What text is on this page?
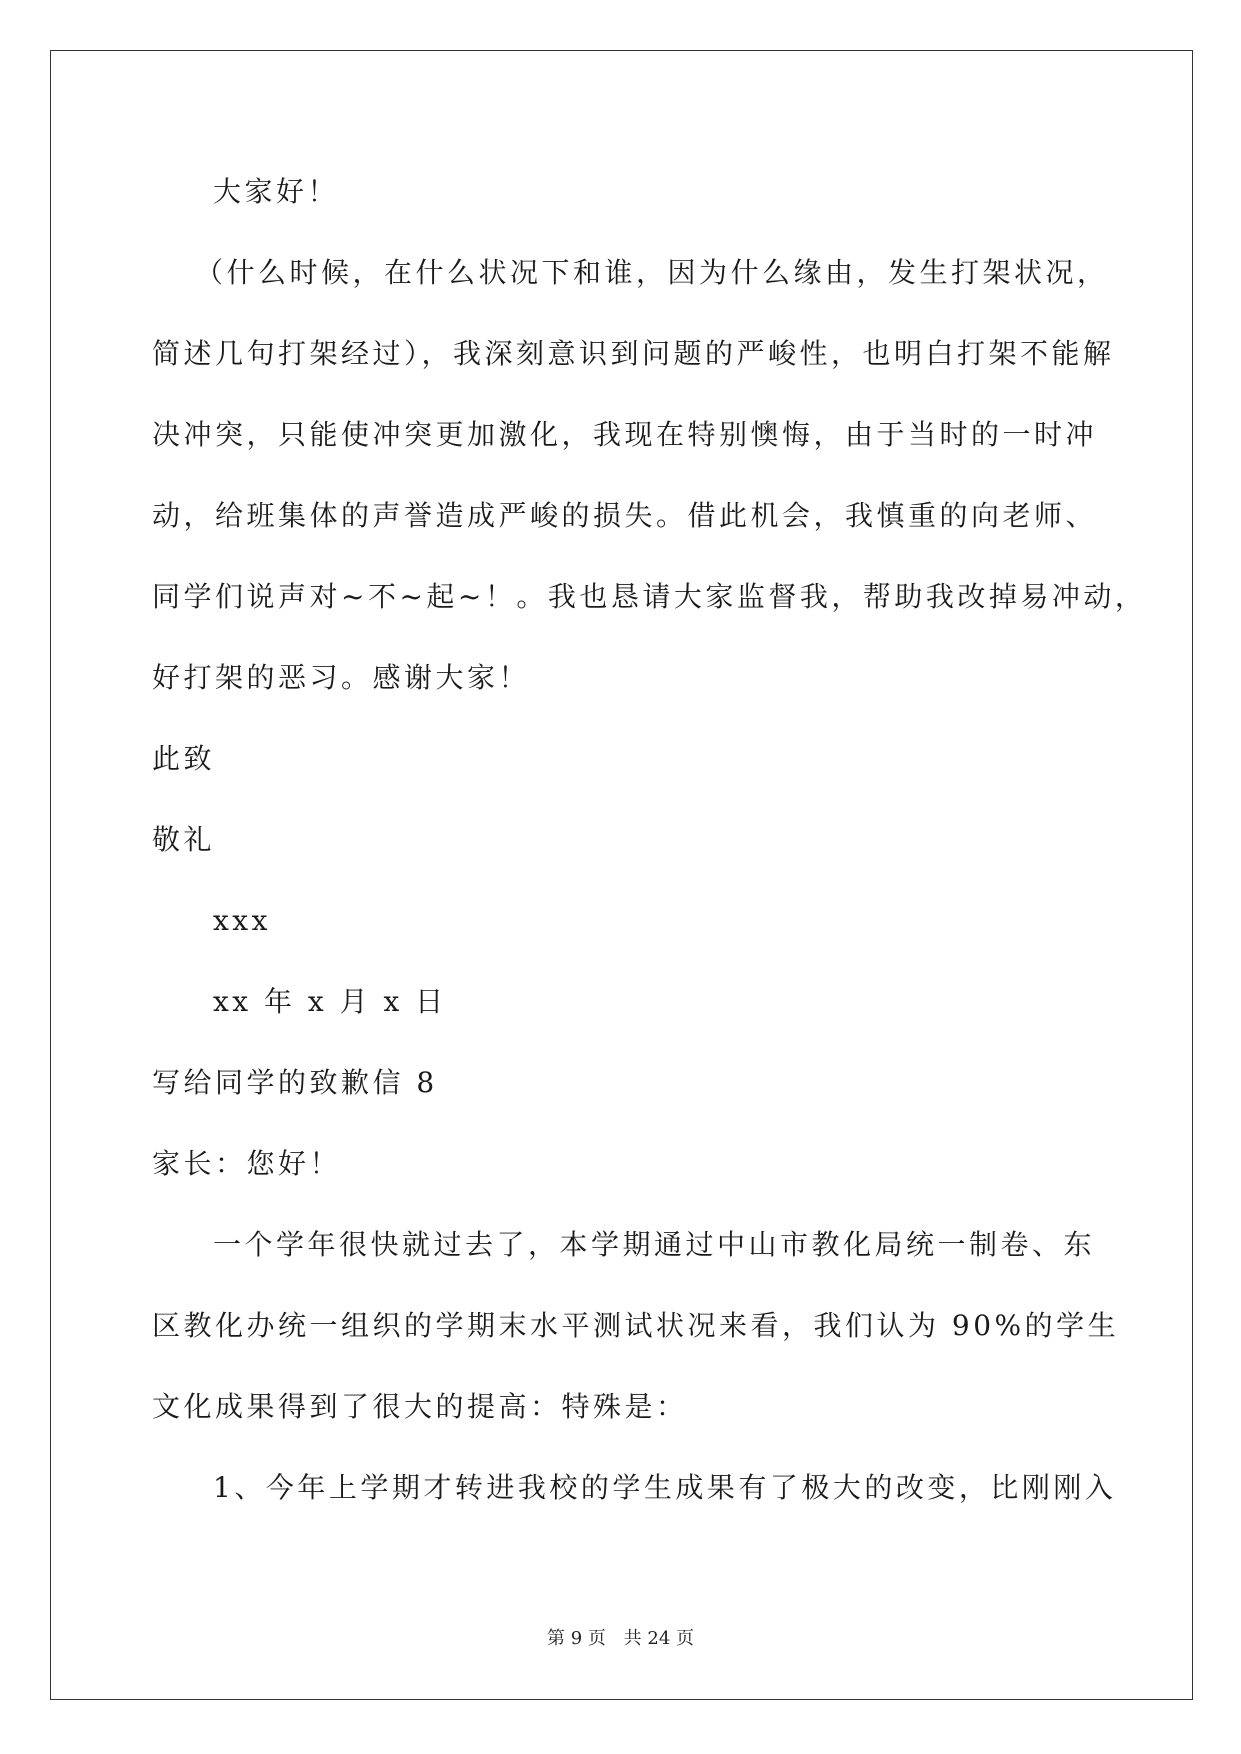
大家好！
（什么时候，在什么状况下和谁，因为什么缘由，发生打架状况，
简述几句打架经过），我深刻意识到问题的严峻性，也明白打架不能解
决冲突，只能使冲突更加激化，我现在特别懊悔，由于当时的一时冲
动，给班集体的声誉造成严峻的损失。借此机会，我慎重的向老师、
同学们说声对~不~起~！。我也恳请大家监督我，帮助我改掉易冲动，
好打架的恶习。感谢大家！
此致
敬礼
xxx
xx 年 x 月 x 日
写给同学的致歉信 8
家长：您好！
一个学年很快就过去了，本学期通过中山市教化局统一制卷、东
区教化办统一组织的学期末水平测试状况来看，我们认为 90%的学生
文化成果得到了很大的提高：特殊是：
1、今年上学期才转进我校的学生成果有了极大的改变，比刚刚入
第 9 页 共 24 页
